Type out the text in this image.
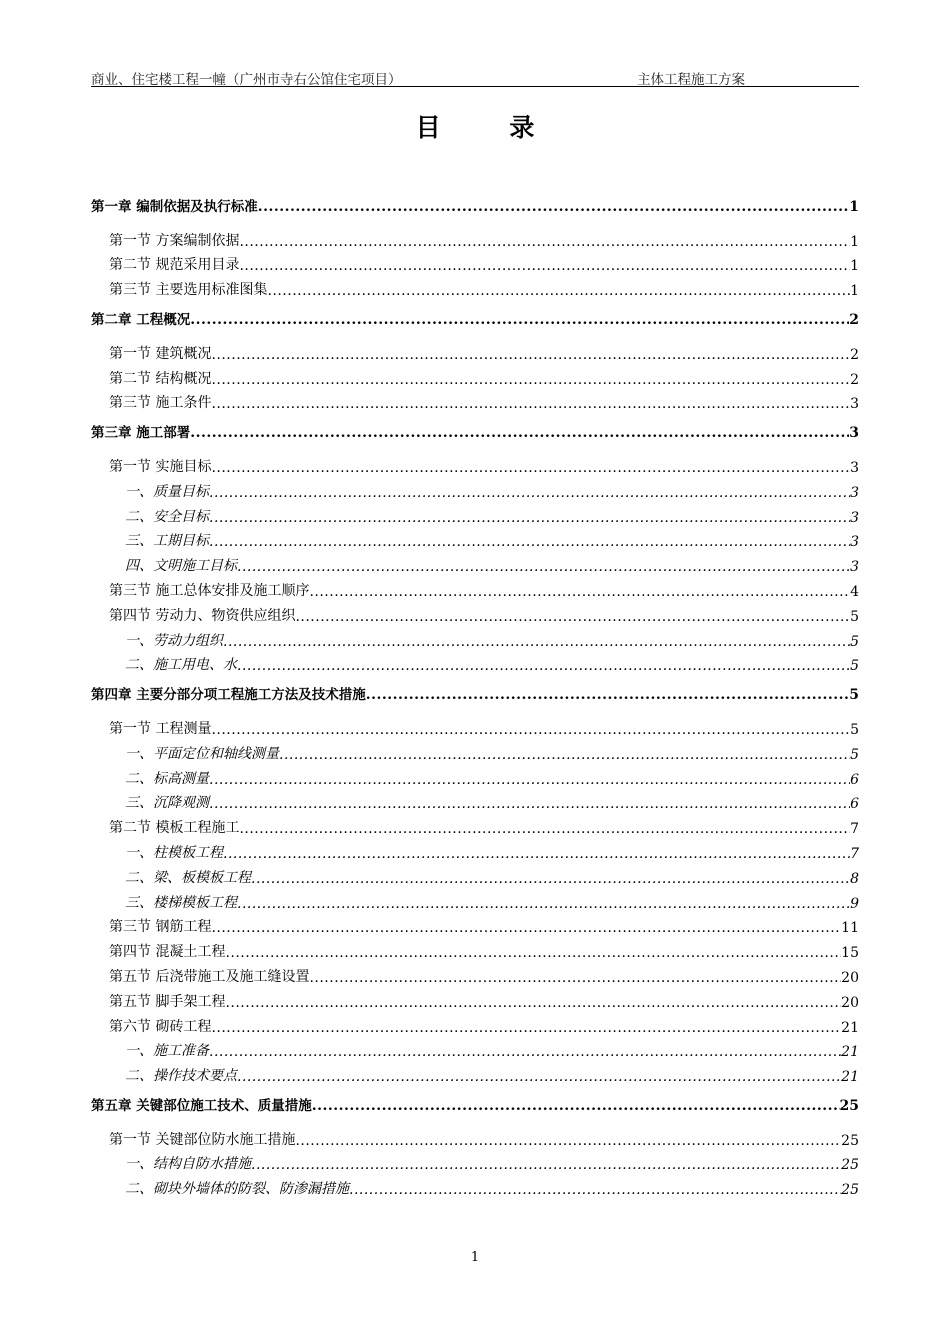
商业、住宅楼工程一幢（广州市寺右公馆住宅项目）	主体工程施工方案
目 录
第一章 编制依据及执行标准 .....	1
第一节 方案编制依据 .....	1
第二节 规范采用目录 .....	1
第三节 主要选用标准图集 .....	1
第二章 工程概况 .....	2
第一节 建筑概况 .....	2
第二节 结构概况 .....	2
第三节 施工条件 .....	3
第三章 施工部署 .....	3
第一节 实施目标 .....	3
一、质量目标 .....	3
二、安全目标 .....	3
三、工期目标 .....	3
四、文明施工目标 .....	3
第三节 施工总体安排及施工顺序 .....	4
第四节 劳动力、物资供应组织 .....	5
一、劳动力组织 .....	5
二、施工用电、水 .....	5
第四章 主要分部分项工程施工方法及技术措施 .....	5
第一节 工程测量 .....	5
一、平面定位和轴线测量 .....	5
二、标高测量 .....	6
三、沉降观测 .....	6
第二节 模板工程施工 .....	7
一、柱模板工程 .....	7
二、梁、板模板工程 .....	8
三、楼梯模板工程 .....	9
第三节 钢筋工程 .....	11
第四节 混凝土工程 .....	15
第五节 后浇带施工及施工缝设置 .....	20
第五节 脚手架工程 .....	20
第六节 砌砖工程 .....	21
一、施工准备 .....	21
二、操作技术要点 .....	21
第五章 关键部位施工技术、质量措施 .....	25
第一节 关键部位防水施工措施 .....	25
一、结构自防水措施 .....	25
二、砌块外墙体的防裂、防渗漏措施 .....	25
1
